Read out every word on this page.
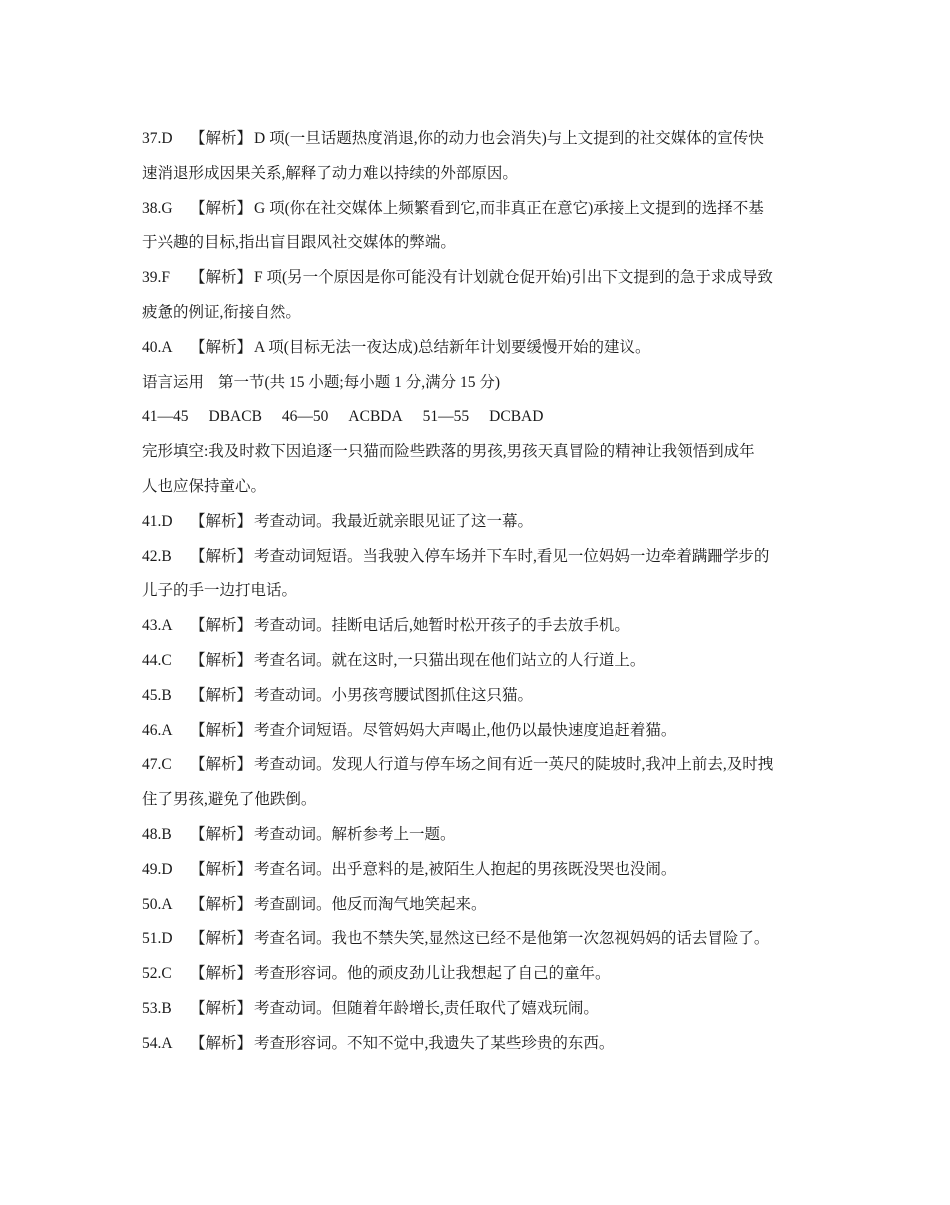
37.D 【解析】 D 项(一旦话题热度消退,你的动力也会消失)与上文提到的社交媒体的宣传快
速消退形成因果关系,解释了动力难以持续的外部原因。
38.G 【解析】 G 项(你在社交媒体上频繁看到它,而非真正在意它)承接上文提到的选择不基
于兴趣的目标,指出盲目跟风社交媒体的弊端。
39.F 【解析】 F 项(另一个原因是你可能没有计划就仓促开始)引出下文提到的急于求成导致
疲惫的例证,衔接自然。
40.A 【解析】 A 项(目标无法一夜达成)总结新年计划要缓慢开始的建议。
语言运用 第一节(共 15 小题;每小题 1 分,满分 15 分)
41—45 DBACB 46—50 ACBDA 51—55 DCBAD
完形填空:我及时救下因追逐一只猫而险些跌落的男孩,男孩天真冒险的精神让我领悟到成年
人也应保持童心。
41.D 【解析】 考查动词。我最近就亲眼见证了这一幕。
42.B 【解析】 考查动词短语。当我驶入停车场并下车时,看见一位妈妈一边牵着蹒跚学步的
儿子的手一边打电话。
43.A 【解析】 考查动词。挂断电话后,她暂时松开孩子的手去放手机。
44.C 【解析】 考查名词。就在这时,一只猫出现在他们站立的人行道上。
45.B 【解析】 考查动词。小男孩弯腰试图抓住这只猫。
46.A 【解析】 考查介词短语。尽管妈妈大声喝止,他仍以最快速度追赶着猫。
47.C 【解析】 考查动词。发现人行道与停车场之间有近一英尺的陡坡时,我冲上前去,及时拽
住了男孩,避免了他跌倒。
48.B 【解析】 考查动词。解析参考上一题。
49.D 【解析】 考查名词。出乎意料的是,被陌生人抱起的男孩既没哭也没闹。
50.A 【解析】 考查副词。他反而淘气地笑起来。
51.D 【解析】 考查名词。我也不禁失笑,显然这已经不是他第一次忽视妈妈的话去冒险了。
52.C 【解析】 考查形容词。他的顽皮劲儿让我想起了自己的童年。
53.B 【解析】 考查动词。但随着年龄增长,责任取代了嬉戏玩闹。
54.A 【解析】 考查形容词。不知不觉中,我遗失了某些珍贵的东西。
